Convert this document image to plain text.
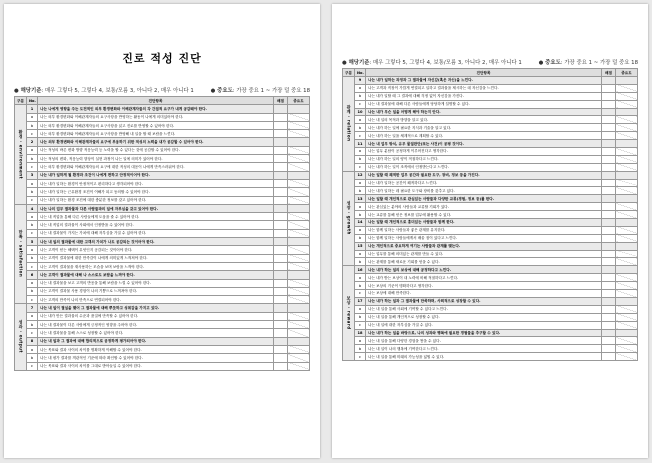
진로 적성 진단
● 해당기준: 매우 그렇다 5, 그렇다 4, 보통/모름 3, 아니다 2, 매우 아니다 1	● 중요도: 가장 중요 1 ~ 가장 덜 중요 18
구분	No.	진단항목	배점	중요도
환경 · environment	1	나는 나에게 영향을 주는 도전적인 외부 환경변화와 이해관계자들의 각 간접적 요구가 내게 공감돼야 한다.		
	a	나는 외부 환경변화와 이해관계자들의 요구사항을 반영하는 활동이 나에게 의미있어야 한다.		
	b	나는 외부 환경변화와 이해관계자들의 요구사항을 읽고 진로를 반영할 수 있어야 한다.		
	c	나는 외부 환경변화와 이해관계자들의 요구사항을 반영해 내 일을 할 때 보람을 느낀다.		
	2	나는 외부 환경변화와 이해관계자들의 요구에 부응하기 위한 적성의 노력을 내가 공감할 수 있어야 한다.		
	a	나는 적성의 바른 변화 방향 적응능력 등 노력을 할 수 있다는 것에 공감할 수 있어야 한다.		
	b	나는 적성의 변화, 적응능력 향상이 실현 과정이 나는 일에 의미가 있어야 한다.		
	c	나는 외부 환경변화와 이해관계자들의 요구에 대한 적성의 대응이 나에게 만족스러워야 한다.		
	3	나는 내가 일하게 될 환경과 조건이 나에게 편하고 안정적이어야 한다.		
	a	나는 내가 일하는 환경이 안정적이고 편리하다고 생각되어야 한다.		
	b	나는 내가 일하는 근무환경 조건이 이해가 되고 동의할 수 있어야 한다.		
	c	나는 내가 일하는 환경 조건에 대한 충분한 정보를 갖고 있어야 한다.		
만족 · satisfaction	4	나는 나의 업무 결과물과 다른 사람들과의 일에 자부심을 갖고 있어야 한다.		
	a	나는 내 직업을 통해 다른 사람들에게 도움을 줄 수 있어야 한다.		
	b	나는 내 직업의 결과물이 사회에서 인정받을 수 있어야 한다.		
	c	나는 내 결과물이 가지는 가치에 대해 자부심을 가질 수 있어야 한다.		
	5	나는 내 일의 결과물에 대한 고객의 가치가 나도 공감되는 것이어야 한다.		
	a	나는 고객이 얻는 혜택이 무엇인지 공감되는 것이어야 한다.		
	b	나는 고객이 결과물에 대한 만족감이 나에게 의미있게 느껴져야 한다.		
	c	나는 고객이 결과물을 재사용하는 모습을 보며 보람을 느껴야 한다.		
	6	나는 고객이 결과물에 대해 나 스스로도 보람을 느껴야 한다.		
	a	나는 내 결과물을 보고 고객의 반응을 통해 보람을 느낄 수 있어야 한다.		
	b	나는 고객이 결과물 사용 경험이 나의 기쁨으로 느껴져야 한다.		
	c	나는 고객의 만족이 나의 만족으로 연결되어야 한다.		
성과 · output	7	나는 내 일이 결실을 맺어 그 결과물에 대해 뿌듯하고 성취감을 가지고 있다.		
	a	나는 내가 만든 결과물의 수준과 품질에 만족할 수 있어야 한다.		
	b	나는 내 결과물이 다른 사람에게 긍정적인 영향을 주어야 한다.		
	c	나는 내 결과물을 통해 스스로 성장할 수 있어야 한다.		
	8	나는 내 일과 그 결과에 대해 합리적으로 공정하게 평가되어야 한다.		
	a	나는 목표와 결과 사이의 차이를 명확하게 이해할 수 있어야 한다.		
	b	나는 내 평가 결과를 객관적인 기준에 따라 확인할 수 있어야 한다.		
	c	나는 목표와 결과 사이의 차이를 그대로 받아들일 수 있어야 한다.		
● 해당기준: 매우 그렇다 5, 그렇다 4, 보통/모름 3, 아니다 2, 매우 아니다 1	● 중요도: 가장 중요 1 ~ 가장 덜 중요 18
구분	No.	진단항목	배점	중요도
관계 · relation	9	나는 내가 일하는 과정과 그 결과물에 자신감(혹은 자신)을 느낀다.		
	a	나는 고객과 직장이 가깝게 연결되고 일하고 결과물을 제시하는 데 자신감을 느낀다.		
	b	나는 내가 일할 때 그 결과에 대해 걱정 없이 자신감을 가진다.		
	c	나는 내 결과물에 대해 다른 사람들에게 당당하게 설명할 수 있다.		
	10	나는 내가 무슨 일을 어떻게 해야 하는지 안다.		
	a	나는 내 일의 목적과 방향을 알고 있다.		
	b	나는 내가 하는 일에 필요한 지식과 기술을 알고 있다.		
	c	나는 내가 하는 일을 체계적으로 계획할 수 있다.		
	11	나는 내 업무 방식, 유무 물질판단(또는 사건)이 공평 것이다.		
	a	나는 업무 분담이 공정하게 이루어진다고 생각한다.		
	b	나는 내가 하는 일의 양이 적절하다고 느낀다.		
	c	나는 내가 하는 일이 조직에서 인정받는다고 느낀다.		
성장 · growth	12	나는 일할 때 쾌적한 업무 공간과 필요한 도구, 장비, 정보 등을 가진다.		
	a	나는 내가 일하는 공간이 쾌적하다고 느낀다.		
	b	나는 내가 일하는 데 필요한 도구와 장비를 갖추고 있다.		
	13	나는 일할 때 개인적으로 관심있는 사람들과 다양한 교류(경험, 정보 등)를 한다.		
	a	나는 관심있는 분야의 사람들과 교류할 기회가 있다.		
	b	나는 교류를 통해 얻은 정보를 업무에 활용할 수 있다.		
	14	나는 일할 때 개인적으로 흥미있는 사람들과 함께 한다.		
	a	나는 함께 일하는 사람들과 좋은 관계를 유지한다.		
	b	나는 함께 일하는 사람들에게서 배울 점이 있다고 느낀다.		
	15	나는 개인적으로 중요하게 여기는 사람들과 관계를 맺는다.		
	a	나는 업무를 통해 의미있는 관계를 만들 수 있다.		
	b	나는 관계를 통해 새로운 기회를 얻을 수 있다.		
보상 · reward	16	나는 내가 하는 일의 보상에 대해 공정하다고 느낀다.		
	a	나는 내가 받는 보상이 내 노력에 비해 적절하다고 느낀다.		
	b	나는 보상의 기준이 명확하다고 생각한다.		
	c	나는 보상에 대해 만족한다.		
	17	나는 내가 하는 일과 그 결과물에 만족하며, 사회적으로 성장할 수 있다.		
	a	나는 내 일을 통해 사회에 기여할 수 있다고 느낀다.		
	b	나는 내 일을 통해 개인적으로 성장할 수 있다.		
	c	나는 내 일에 대한 자부심을 가질 수 있다.		
	18	나는 내가 하는 일을 바탕으로, 나의 성과와 행복에 필요한 경험들을 추구할 수 있다.		
	a	나는 내 일을 통해 다양한 경험을 쌓을 수 있다.		
	b	나는 내 일이 나의 행복에 기여한다고 느낀다.		
	c	나는 내 일을 통해 미래의 가능성을 넓힐 수 있다.		
